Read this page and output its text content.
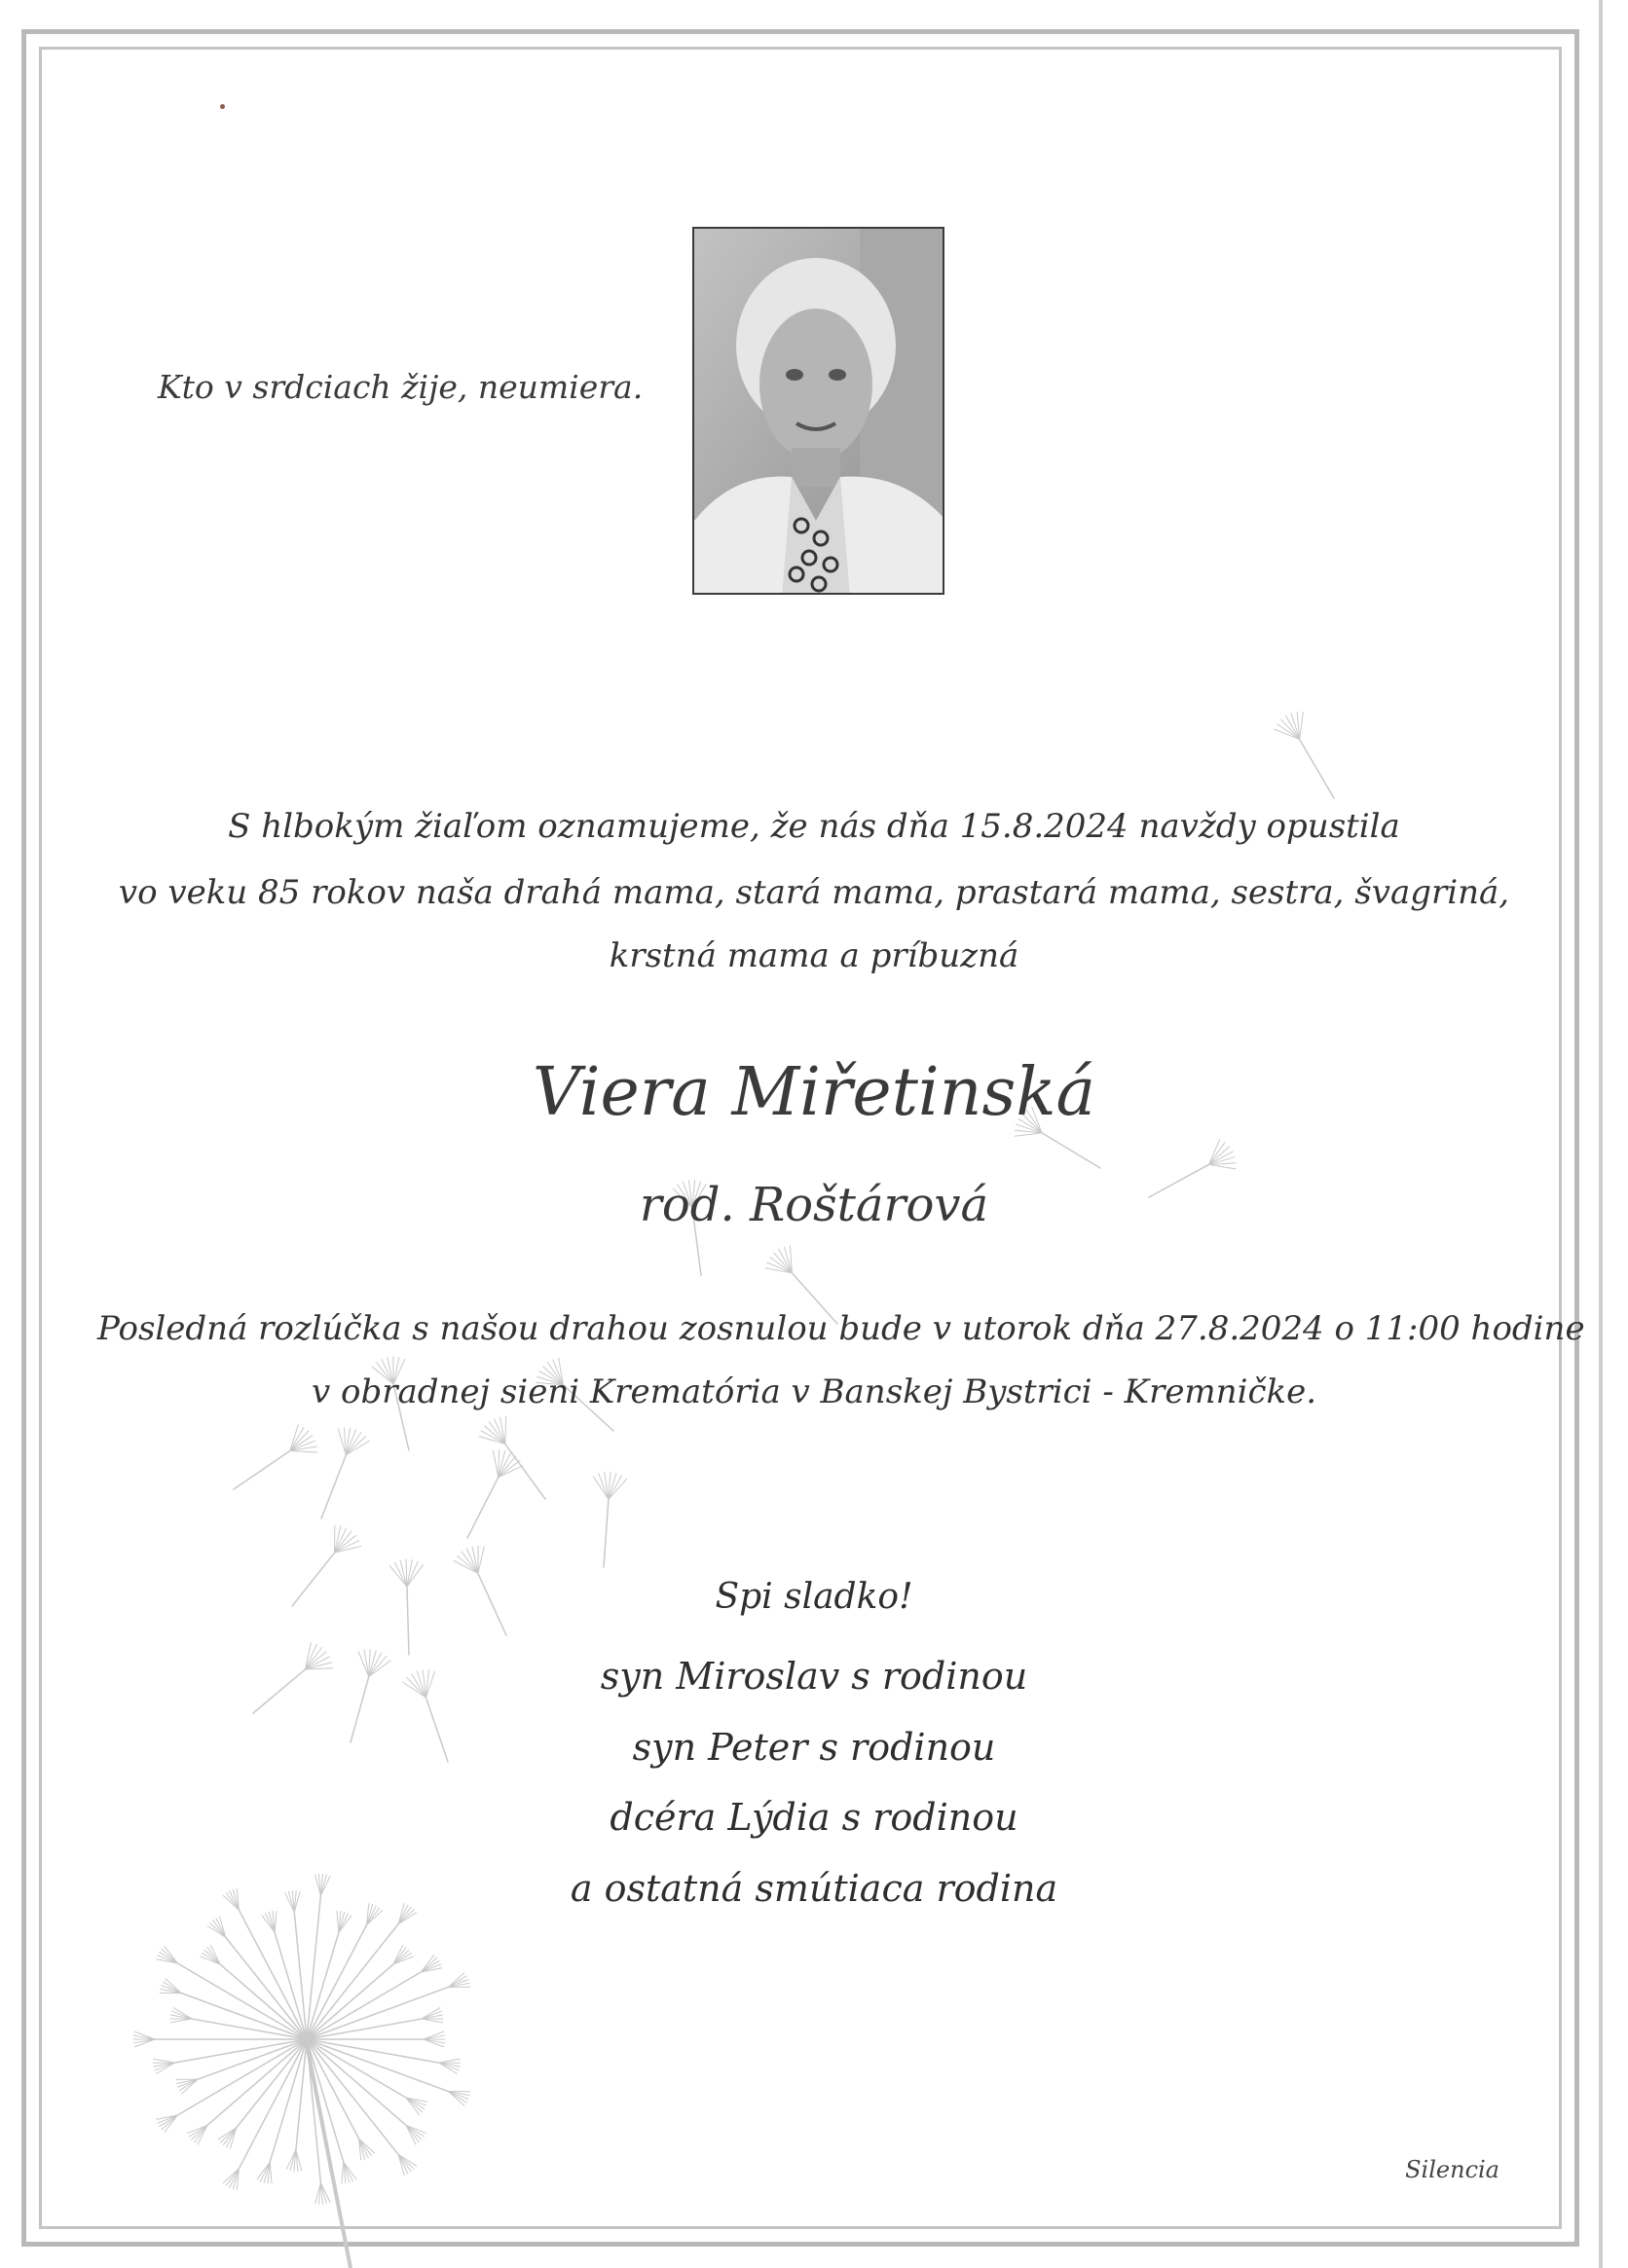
Kto v srdciach žije, neumiera.
S hlbokým žiaľom oznamujeme, že nás dňa 15.8.2024 navždy opustila
vo veku 85 rokov naša drahá mama, stará mama, prastará mama, sestra, švagriná,
krstná mama a príbuzná
Viera Miřetinská
rod. Roštárová
Posledná rozlúčka s našou drahou zosnulou bude v utorok dňa 27.8.2024 o 11:00 hodine
v obradnej sieni Krematória v Banskej Bystrici - Kremničke.
Spi sladko!
syn Miroslav s rodinou
syn Peter s rodinou
dcéra Lýdia s rodinou
a ostatná smútiaca rodina
Silencia
